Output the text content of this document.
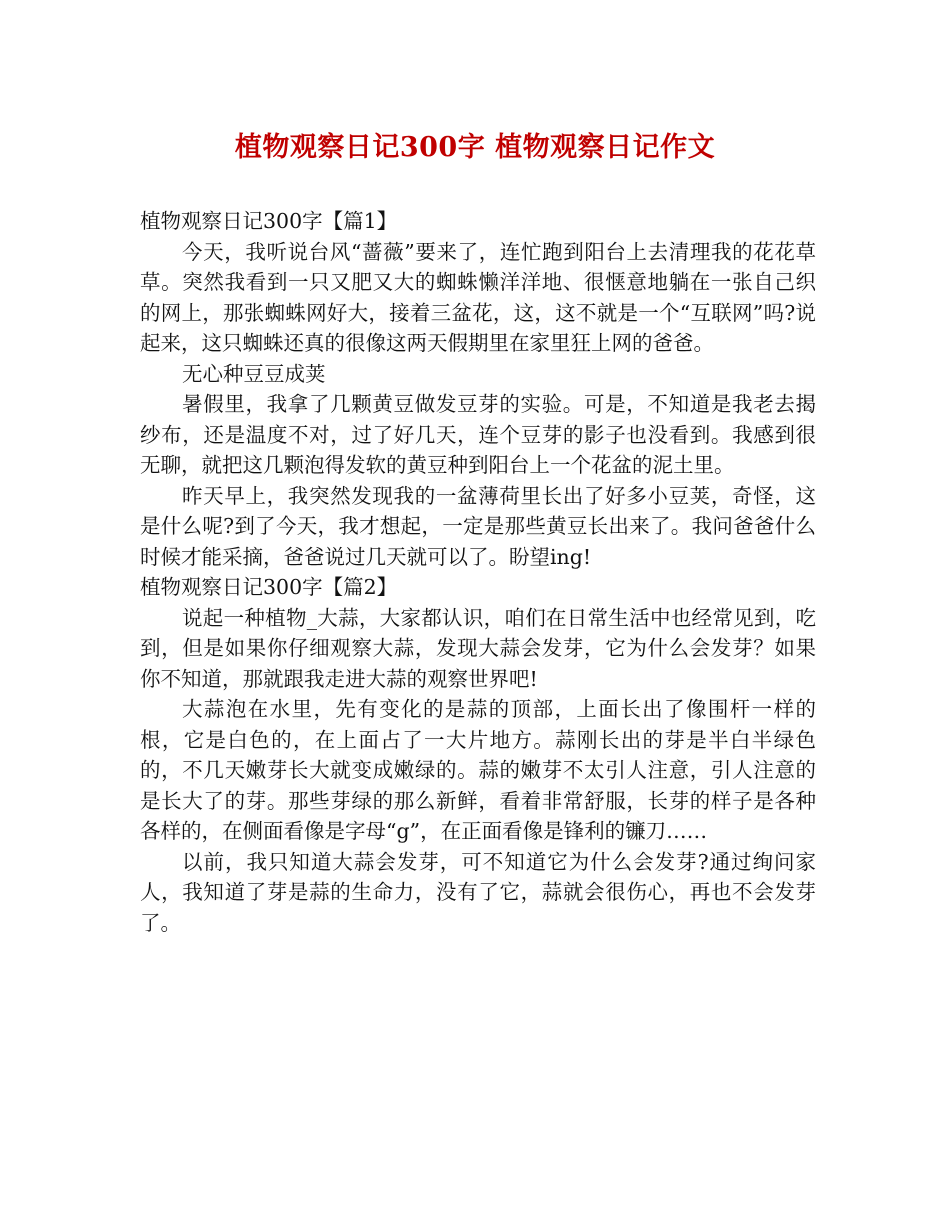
植物观察日记300字 植物观察日记作文

植物观察日记300字【篇1】

今天，我听说台风“蔷薇”要来了，连忙跑到阳台上去清理我的花花草草。突然我看到一只又肥又大的蜘蛛懒洋洋地、很惬意地躺在一张自己织的网上，那张蜘蛛网好大，接着三盆花，这，这不就是一个“互联网”吗?说起来，这只蜘蛛还真的很像这两天假期里在家里狂上网的爸爸。

无心种豆豆成荚

暑假里，我拿了几颗黄豆做发豆芽的实验。可是，不知道是我老去揭纱布，还是温度不对，过了好几天，连个豆芽的影子也没看到。我感到很无聊，就把这几颗泡得发软的黄豆种到阳台上一个花盆的泥土里。

昨天早上，我突然发现我的一盆薄荷里长出了好多小豆荚，奇怪，这是什么呢?到了今天，我才想起，一定是那些黄豆长出来了。我问爸爸什么时候才能采摘，爸爸说过几天就可以了。盼望ing!

植物观察日记300字【篇2】

说起一种植物_大蒜，大家都认识，咱们在日常生活中也经常见到，吃到，但是如果你仔细观察大蒜，发现大蒜会发芽，它为什么会发芽？如果你不知道，那就跟我走进大蒜的观察世界吧!

大蒜泡在水里，先有变化的是蒜的顶部，上面长出了像围杆一样的根，它是白色的，在上面占了一大片地方。蒜刚长出的芽是半白半绿色的，不几天嫩芽长大就变成嫩绿的。蒜的嫩芽不太引人注意，引人注意的是长大了的芽。那些芽绿的那么新鲜，看着非常舒服，长芽的样子是各种各样的，在侧面看像是字母“g”，在正面看像是锋利的镰刀……

以前，我只知道大蒜会发芽，可不知道它为什么会发芽?通过绚问家人，我知道了芽是蒜的生命力，没有了它，蒜就会很伤心，再也不会发芽了。
